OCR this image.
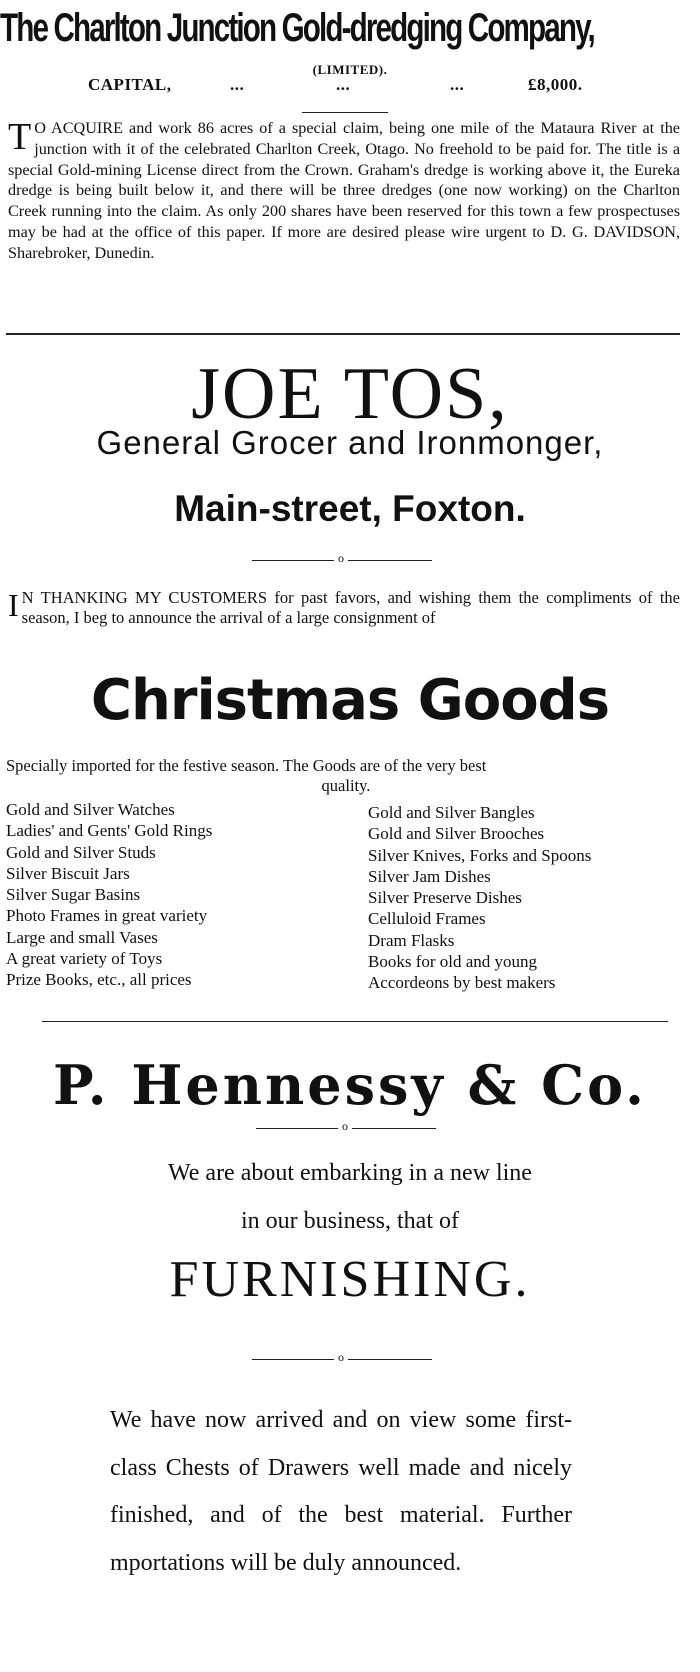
The Charlton Junction Gold-dredging Company,
(LIMITED).
CAPITAL,	...	...	...	£8,000.
T O ACQUIRE and work 86 acres of a special claim, being one mile of the Mataura River at the junction with it of the celebrated Charlton Creek, Otago. No freehold to be paid for. The title is a special Gold-mining License direct from the Crown. Graham's dredge is working above it, the Eureka dredge is being built below it, and there will be three dredges (one now working) on the Charlton Creek running into the claim. As only 200 shares have been reserved for this town a few prospectuses may be had at the office of this paper. If more are desired please wire urgent to D. G. DAVIDSON, Sharebroker, Dunedin.
JOE TOS,
General Grocer and Ironmonger,
Main-street, Foxton.
o
I N THANKING MY CUSTOMERS for past favors, and wishing them the compliments of the season, I beg to announce the arrival of a large consignment of
Christmas Goods
Specially imported for the festive season. The Goods are of the very best
quality.
Gold and Silver Watches
Ladies' and Gents' Gold Rings
Gold and Silver Studs
Silver Biscuit Jars
Silver Sugar Basins
Photo Frames in great variety
Large and small Vases
A great variety of Toys
Prize Books, etc., all prices
Gold and Silver Bangles
Gold and Silver Brooches
Silver Knives, Forks and Spoons
Silver Jam Dishes
Silver Preserve Dishes
Celluloid Frames
Dram Flasks
Books for old and young
Accordeons by best makers
P. Hennessy & Co.
o
We are about embarking in a new line
in our business, that of
FURNISHING.
o
We have now arrived and on view some first-class Chests of Drawers well made and nicely finished, and of the best material. Further mportations will be duly announced.
